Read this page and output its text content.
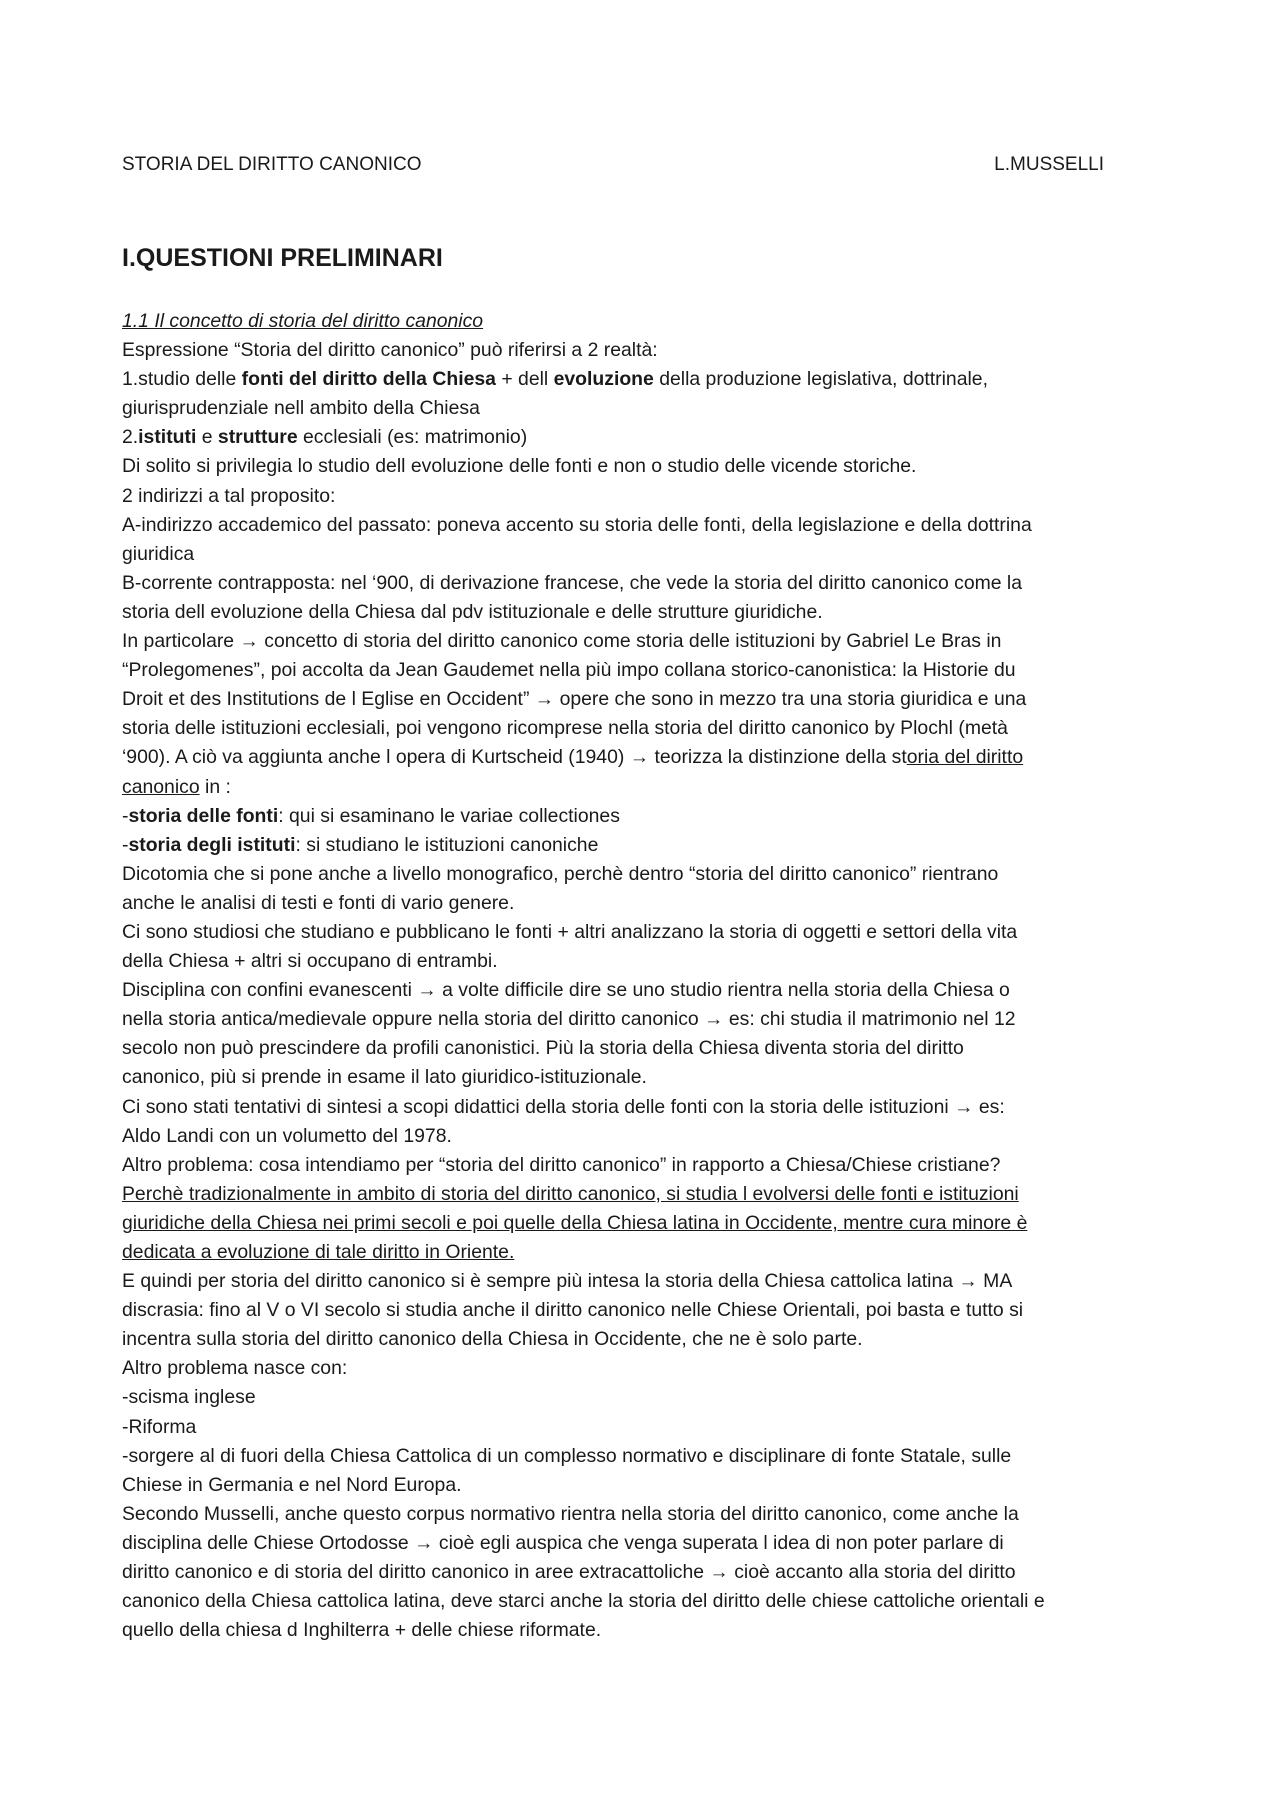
STORIA DEL DIRITTO CANONICO	L.MUSSELLI
I.QUESTIONI PRELIMINARI

1.1 Il concetto di storia del diritto canonico

Espressione “Storia del diritto canonico” può riferirsi a 2 realtà:

1.studio delle fonti del diritto della Chiesa + dell evoluzione della produzione legislativa, dottrinale,

giurisprudenziale nell ambito della Chiesa

2.istituti e strutture ecclesiali (es: matrimonio)

Di solito si privilegia lo studio dell evoluzione delle fonti e non o studio delle vicende storiche.

2 indirizzi a tal proposito:

A-indirizzo accademico del passato: poneva accento su storia delle fonti, della legislazione e della dottrina

giuridica

B-corrente contrapposta: nel ‘900, di derivazione francese, che vede la storia del diritto canonico come la

storia dell evoluzione della Chiesa dal pdv istituzionale e delle strutture giuridiche.

In particolare → concetto di storia del diritto canonico come storia delle istituzioni by Gabriel Le Bras in

“Prolegomenes”, poi accolta da Jean Gaudemet nella più impo collana storico-canonistica: la Historie du

Droit et des Institutions de l Eglise en Occident” → opere che sono in mezzo tra una storia giuridica e una

storia delle istituzioni ecclesiali, poi vengono ricomprese nella storia del diritto canonico by Plochl (metà

‘900). A ciò va aggiunta anche l opera di Kurtscheid (1940) → teorizza la distinzione della storia del diritto

canonico in :

-storia delle fonti: qui si esaminano le variae collectiones

-storia degli istituti: si studiano le istituzioni canoniche

Dicotomia che si pone anche a livello monografico, perchè dentro “storia del diritto canonico” rientrano

anche le analisi di testi e fonti di vario genere.

Ci sono studiosi che studiano e pubblicano le fonti + altri analizzano la storia di oggetti e settori della vita

della Chiesa + altri si occupano di entrambi.

Disciplina con confini evanescenti → a volte difficile dire se uno studio rientra nella storia della Chiesa o

nella storia antica/medievale oppure nella storia del diritto canonico → es: chi studia il matrimonio nel 12

secolo non può prescindere da profili canonistici. Più la storia della Chiesa diventa storia del diritto

canonico, più si prende in esame il lato giuridico-istituzionale.

Ci sono stati tentativi di sintesi a scopi didattici della storia delle fonti con la storia delle istituzioni → es:

Aldo Landi con un volumetto del 1978.

Altro problema: cosa intendiamo per “storia del diritto canonico” in rapporto a Chiesa/Chiese cristiane?

Perchè tradizionalmente in ambito di storia del diritto canonico, si studia l evolversi delle fonti e istituzioni

giuridiche della Chiesa nei primi secoli e poi quelle della Chiesa latina in Occidente, mentre cura minore è

dedicata a evoluzione di tale diritto in Oriente.

E quindi per storia del diritto canonico si è sempre più intesa la storia della Chiesa cattolica latina → MA

discrasia: fino al V o VI secolo si studia anche il diritto canonico nelle Chiese Orientali, poi basta e tutto si

incentra sulla storia del diritto canonico della Chiesa in Occidente, che ne è solo parte.

Altro problema nasce con:

-scisma inglese

-Riforma

-sorgere al di fuori della Chiesa Cattolica di un complesso normativo e disciplinare di fonte Statale, sulle

Chiese in Germania e nel Nord Europa.

Secondo Musselli, anche questo corpus normativo rientra nella storia del diritto canonico, come anche la

disciplina delle Chiese Ortodosse → cioè egli auspica che venga superata l idea di non poter parlare di

diritto canonico e di storia del diritto canonico in aree extracattoliche → cioè accanto alla storia del diritto

canonico della Chiesa cattolica latina, deve starci anche la storia del diritto delle chiese cattoliche orientali e

quello della chiesa d Inghilterra + delle chiese riformate.
